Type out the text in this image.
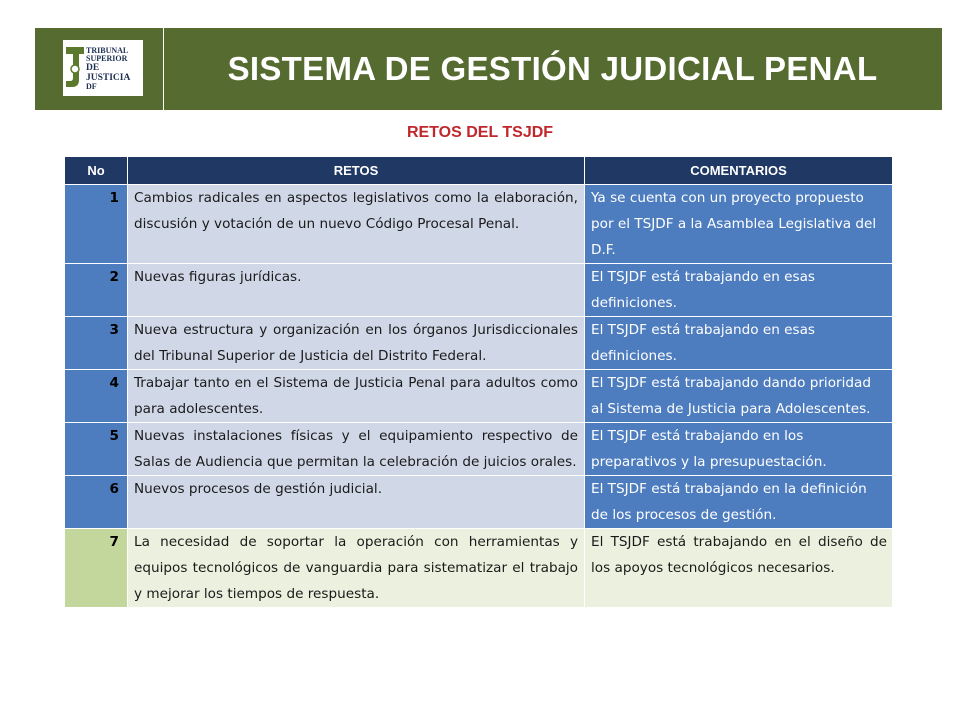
TRIBUNAL
SUPERIOR
DE JUSTICIA
DF	SISTEMA DE GESTIÓN JUDICIAL PENAL
RETOS DEL TSJDF
No	RETOS	COMENTARIOS
1	Cambios radicales en aspectos legislativos como la elaboración, discusión y votación de un nuevo Código Procesal Penal.	Ya se cuenta con un proyecto propuesto por el TSJDF a la Asamblea Legislativa del D.F.
2	Nuevas figuras jurídicas.	El TSJDF está trabajando en esas definiciones.
3	Nueva estructura y organización en los órganos Jurisdiccionales del Tribunal Superior de Justicia del Distrito Federal.	El TSJDF está trabajando en esas definiciones.
4	Trabajar tanto en el Sistema de Justicia Penal para adultos como para adolescentes.	El TSJDF está trabajando dando prioridad al Sistema de Justicia para Adolescentes.
5	Nuevas instalaciones físicas y el equipamiento respectivo de Salas de Audiencia que permitan la celebración de juicios orales.	El TSJDF está trabajando en los preparativos y la presupuestación.
6	Nuevos procesos de gestión judicial.	El TSJDF está trabajando en la definición de los procesos de gestión.
7	La necesidad de soportar la operación con herramientas y equipos tecnológicos de vanguardia para sistematizar el trabajo y mejorar los tiempos de respuesta.	El TSJDF está trabajando en el diseño de los apoyos tecnológicos necesarios.
